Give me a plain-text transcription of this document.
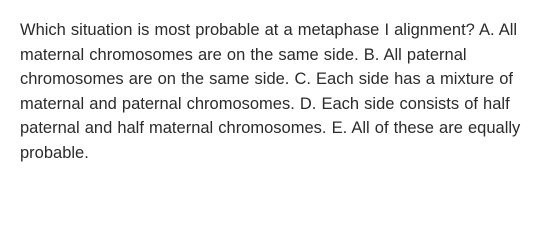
Which situation is most probable at a metaphase I alignment? A. All maternal chromosomes are on the same side. B. All paternal chromosomes are on the same side. C. Each side has a mixture of maternal and paternal chromosomes. D. Each side consists of half paternal and half maternal chromosomes. E. All of these are equally probable.
